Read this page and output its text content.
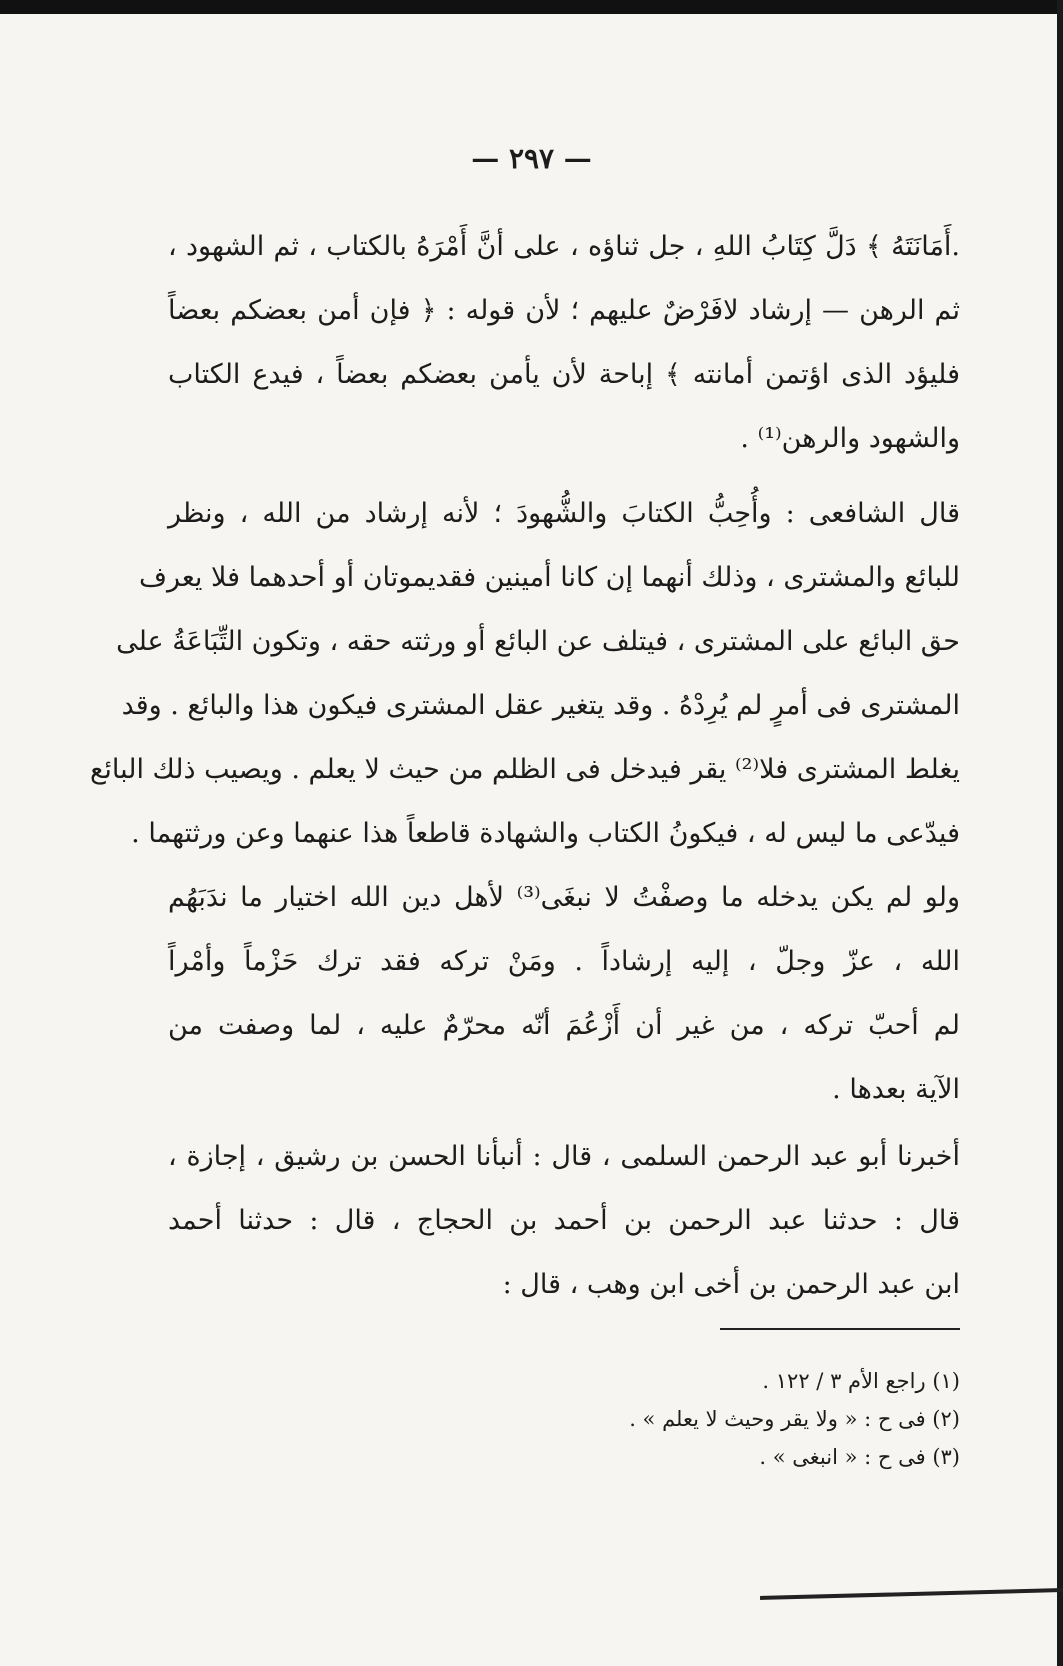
— ٢٩٧ —
.أَمَانَتَهُ ﴾ دَلَّ كِتَابُ اللهِ ، جل ثناؤه ، على أنَّ أَمْرَهُ بالكتاب ، ثم الشهود ،
ثم الرهن — إرشاد لافَرْضٌ عليهم ؛ لأن قوله : ﴿ فإن أمن بعضكم بعضاً
فليؤد الذى اؤتمن أمانته ﴾ إباحة لأن يأمن بعضكم بعضاً ، فيدع الكتاب
والشهود والرهن⁽¹⁾ .
قال الشافعى : وأُحِبُّ الكتابَ والشُّهودَ ؛ لأنه إرشاد من الله ، ونظر
للبائع والمشترى ، وذلك أنهما إن كانا أمينين فقديموتان أو أحدهما فلا يعرف
حق البائع على المشترى ، فيتلف عن البائع أو ورثته حقه ، وتكون التِّبَاعَةُ على
المشترى فى أمرٍ لم يُرِدْهُ . وقد يتغير عقل المشترى فيكون هذا والبائع . وقد
يغلط المشترى فلا⁽²⁾ يقر فيدخل فى الظلم من حيث لا يعلم . ويصيب ذلك البائع
فيدّعى ما ليس له ، فيكونُ الكتاب والشهادة قاطعاً هذا عنهما وعن ورثتهما .
ولو لم يكن يدخله ما وصفْتُ لا نبغَى⁽³⁾ لأهل دين الله اختيار ما ندَبَهُم
الله ، عزّ وجلّ ، إليه إرشاداً . ومَنْ تركه فقد ترك حَزْماً وأمْراً
لم أحبّ تركه ، من غير أن أَزْعُمَ أنّه محرّمٌ عليه ، لما وصفت من
الآية بعدها .
أخبرنا أبو عبد الرحمن السلمى ، قال : أنبأنا الحسن بن رشيق ، إجازة ،
قال : حدثنا عبد الرحمن بن أحمد بن الحجاج ، قال : حدثنا أحمد
ابن عبد الرحمن بن أخى ابن وهب ، قال :
(١) راجع الأم ٣ / ١٢٢ .
(٢) فى ح : « ولا يقر وحيث لا يعلم » .
(٣) فى ح : « انبغى » .
